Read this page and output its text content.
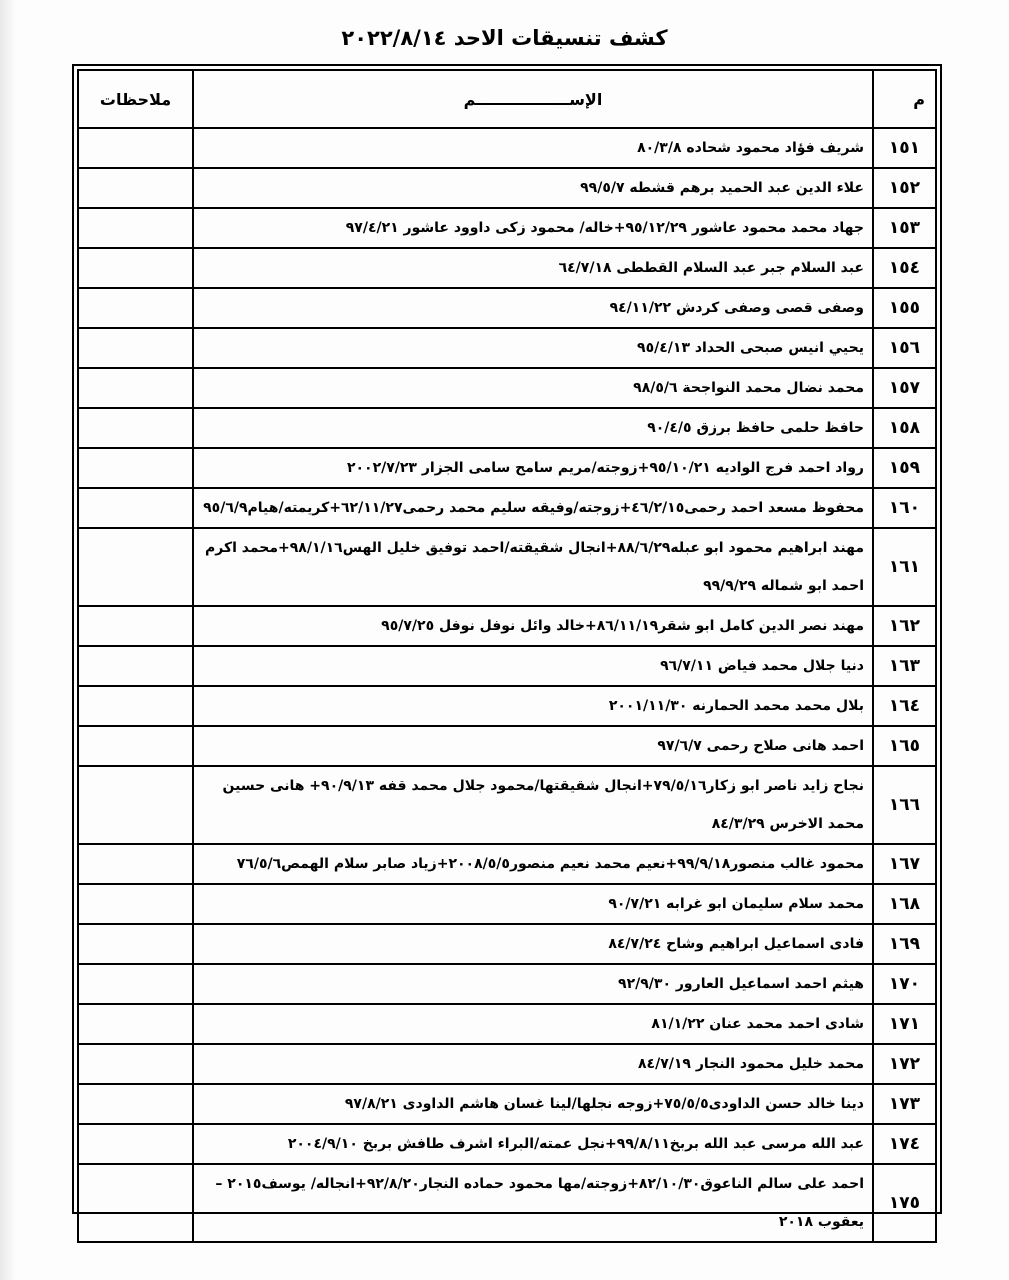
كشف تنسيقات الاحد ٢٠٢٢/٨/١٤
م	الإســـــــــــــــــم	ملاحظات
١٥١	شريف فؤاد محمود شحاده ٨٠/٣/٨	
١٥٢	علاء الدين عبد الحميد برهم قشطه ٩٩/٥/٧	
١٥٣	جهاد محمد محمود عاشور ٩٥/١٢/٢٩+خاله/ محمود زكى داوود عاشور ٩٧/٤/٢١	
١٥٤	عبد السلام جبر عبد السلام القططى ٦٤/٧/١٨	
١٥٥	وصفى قصى وصفى كردش ٩٤/١١/٢٢	
١٥٦	يحيي انيس صبحى الحداد ٩٥/٤/١٣	
١٥٧	محمد نضال محمد النواجحة ٩٨/٥/٦	
١٥٨	حافظ حلمى حافظ برزق ٩٠/٤/٥	
١٥٩	رواد احمد فرج الواديه ٩٥/١٠/٢١+زوجته/مريم سامح سامى الجزار ٢٠٠٢/٧/٢٣	
١٦٠	محفوظ مسعد احمد رحمى٤٦/٢/١٥+زوجته/وفيقه سليم محمد رحمى٦٢/١١/٢٧+كريمته/هيام٩٥/٦/٩	
١٦١	مهند ابراهيم محمود ابو عبله٨٨/٦/٢٩+انجال شقيقته/احمد توفيق خليل الهس٩٨/١/١٦+محمد اكرم احمد ابو شماله ٩٩/٩/٢٩	
١٦٢	مهند نصر الدين كامل ابو شقر٨٦/١١/١٩+خالد وائل نوفل نوفل ٩٥/٧/٢٥	
١٦٣	دنيا جلال محمد فياض ٩٦/٧/١١	
١٦٤	بلال محمد محمد الحمارنه ٢٠٠١/١١/٣٠	
١٦٥	احمد هانى صلاح رحمى ٩٧/٦/٧	
١٦٦	نجاح زايد ناصر ابو زكار٧٩/٥/١٦+انجال شقيقتها/محمود جلال محمد قفه ٩٠/٩/١٣+ هانى حسين محمد الاخرس ٨٤/٣/٢٩	
١٦٧	محمود غالب منصور٩٩/٩/١٨+نعيم محمد نعيم منصور٢٠٠٨/٥/٥+زياد صابر سلام الهمص٧٦/٥/٦	
١٦٨	محمد سلام سليمان ابو غرابه ٩٠/٧/٢١	
١٦٩	فادى اسماعيل ابراهيم وشاح ٨٤/٧/٢٤	
١٧٠	هيثم احمد اسماعيل العارور ٩٢/٩/٣٠	
١٧١	شادى احمد محمد عنان ٨١/١/٢٢	
١٧٢	محمد خليل محمود النجار ٨٤/٧/١٩	
١٧٣	دينا خالد حسن الداودى٧٥/٥/٥+زوجه نجلها/لينا غسان هاشم الداودى ٩٧/٨/٢١	
١٧٤	عبد الله مرسى عبد الله بربخ٩٩/٨/١١+نجل عمته/البراء اشرف طافش بربخ ٢٠٠٤/٩/١٠	
١٧٥	احمد على سالم الناعوق٨٢/١٠/٣٠+زوجته/مها محمود حماده النجار٩٢/٨/٢٠+انجاله/ يوسف٢٠١٥ – يعقوب ٢٠١٨	
